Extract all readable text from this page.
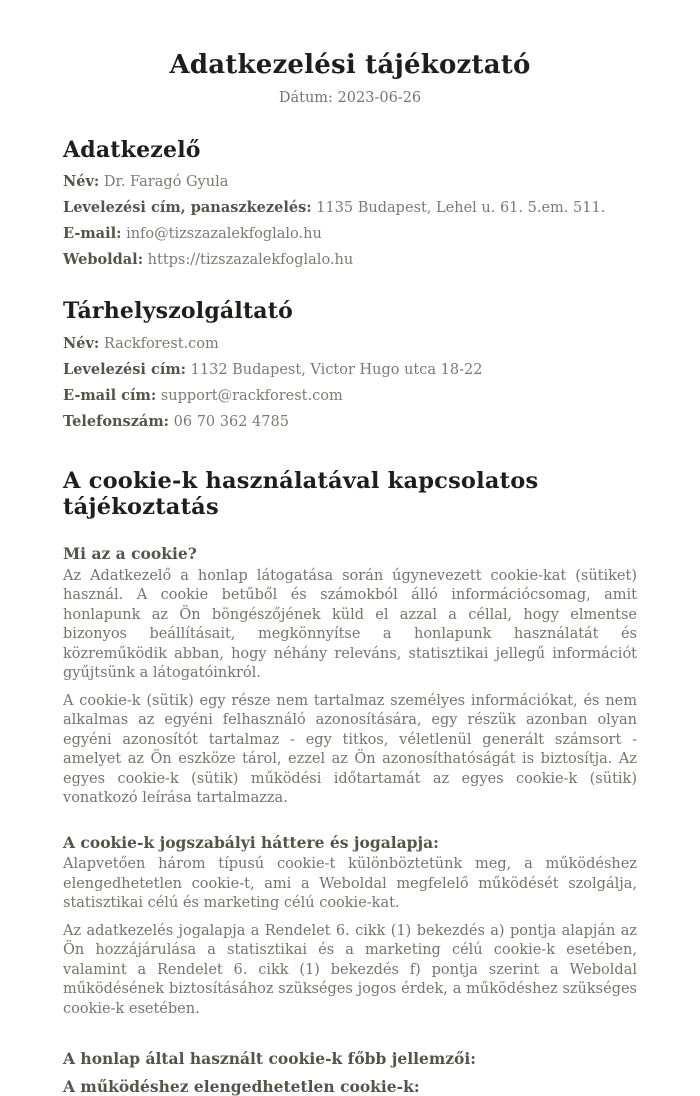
Adatkezelési tájékoztató

Dátum: 2023-06-26

Adatkezelő

Név: Dr. Faragó Gyula

Levelezési cím, panaszkezelés: 1135 Budapest, Lehel u. 61. 5.em. 511.

E-mail: info@tizszazalekfoglalo.hu

Weboldal: https://tizszazalekfoglalo.hu

Tárhelyszolgáltató

Név: Rackforest.com

Levelezési cím: 1132 Budapest, Victor Hugo utca 18-22

E-mail cím: support@rackforest.com

Telefonszám: 06 70 362 4785

A cookie-k használatával kapcsolatos tájékoztatás
Mi az a cookie?

Az Adatkezelő a honlap látogatása során úgynevezett cookie-kat (sütiket) használ. A cookie betűből és számokból álló információcsomag, amit honlapunk az Ön böngészőjének küld el azzal a céllal, hogy elmentse bizonyos beállításait, megkönnyítse a honlapunk használatát és közreműködik abban, hogy néhány releváns, statisztikai jellegű információt gyűjtsünk a látogatóinkról.

A cookie-k (sütik) egy része nem tartalmaz személyes információkat, és nem alkalmas az egyéni felhasználó azonosítására, egy részük azonban olyan egyéni azonosítót tartalmaz - egy titkos, véletlenül generált számsort - amelyet az Ön eszköze tárol, ezzel az Ön azonosíthatóságát is biztosítja. Az egyes cookie-k (sütik) működési időtartamát az egyes cookie-k (sütik) vonatkozó leírása tartalmazza.

A cookie-k jogszabályi háttere és jogalapja:

Alapvetően három típusú cookie-t különböztetünk meg, a működéshez elengedhetetlen cookie-t, ami a Weboldal megfelelő működését szolgálja, statisztikai célú és marketing célú cookie-kat.

Az adatkezelés jogalapja a Rendelet 6. cikk (1) bekezdés a) pontja alapján az Ön hozzájárulása a statisztikai és a marketing célú cookie-k esetében, valamint a Rendelet 6. cikk (1) bekezdés f) pontja szerint a Weboldal működésének biztosításához szükséges jogos érdek, a működéshez szükséges cookie-k esetében.

A honlap által használt cookie-k főbb jellemzői:
A működéshez elengedhetetlen cookie-k:
